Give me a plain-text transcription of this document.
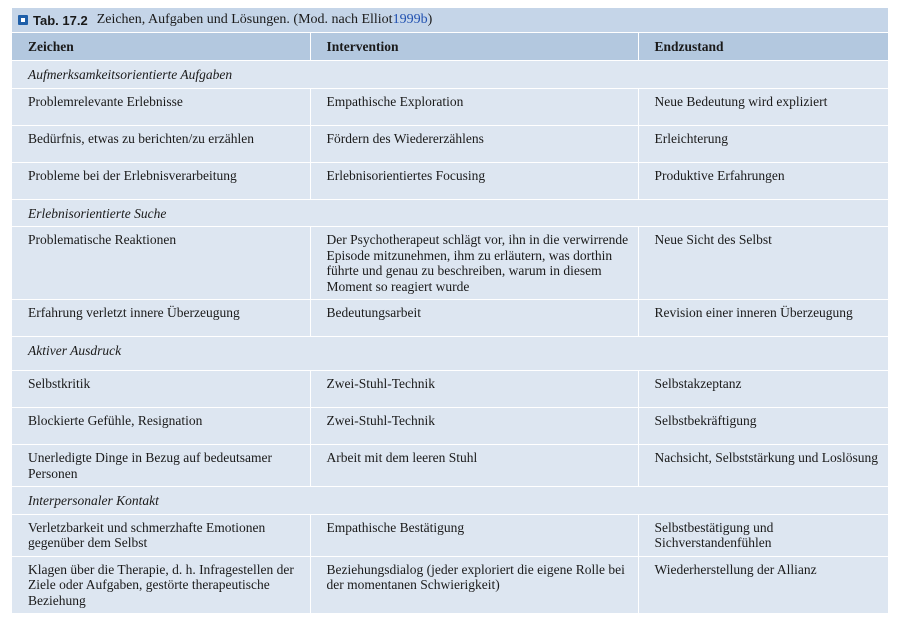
Tab. 17.2 Zeichen, Aufgaben und Lösungen. (Mod. nach Elliot 1999b )
Zeichen	Intervention	Endzustand
Aufmerksamkeitsorientierte Aufgaben		
Problemrelevante Erlebnisse	Empathische Exploration	Neue Bedeutung wird expliziert
Bedürfnis, etwas zu berichten/zu erzählen	Fördern des Wiedererzählens	Erleichterung
Probleme bei der Erlebnisverarbeitung	Erlebnisorientiertes Focusing	Produktive Erfahrungen
Erlebnisorientierte Suche		
Problematische Reaktionen	Der Psychotherapeut schlägt vor, ihn in die verwirrende Episode mitzunehmen, ihm zu erläutern, was dorthin führte und genau zu beschreiben, warum in diesem Moment so reagiert wurde	Neue Sicht des Selbst
Erfahrung verletzt innere Überzeugung	Bedeutungsarbeit	Revision einer inneren Überzeugung
Aktiver Ausdruck		
Selbstkritik	Zwei-Stuhl-Technik	Selbstakzeptanz
Blockierte Gefühle, Resignation	Zwei-Stuhl-Technik	Selbstbekräftigung
Unerledigte Dinge in Bezug auf bedeutsamer Personen	Arbeit mit dem leeren Stuhl	Nachsicht, Selbststärkung und Loslösung
Interpersonaler Kontakt		
Verletzbarkeit und schmerzhafte Emotionen gegenüber dem Selbst	Empathische Bestätigung	Selbstbestätigung und Sichverstandenfühlen
Klagen über die Therapie, d. h. Infragestellen der Ziele oder Aufgaben, gestörte therapeutische Beziehung	Beziehungsdialog (jeder exploriert die eigene Rolle bei der momentanen Schwierigkeit)	Wiederherstellung der Allianz
